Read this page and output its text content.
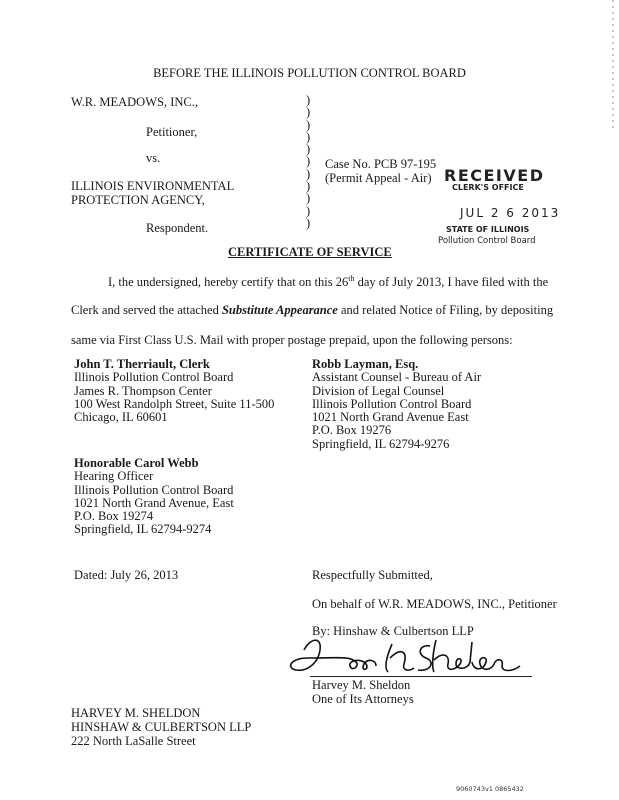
BEFORE THE ILLINOIS POLLUTION CONTROL BOARD
W.R. MEADOWS, INC.,
Petitioner,
vs.
ILLINOIS ENVIRONMENTAL
PROTECTION AGENCY,
Respondent.
)
)
)
)
)
)
)
)
)
)
)
Case No. PCB 97-195
(Permit Appeal - Air) RECEIVED
CLERK'S OFFICE
JUL 2 6 2013
STATE OF ILLINOIS
Pollution Control Board
CERTIFICATE OF SERVICE
I, the undersigned, hereby certify that on this 26th day of July 2013, I have filed with the
Clerk and served the attached Substitute Appearance and related Notice of Filing, by depositing
same via First Class U.S. Mail with proper postage prepaid, upon the following persons:
John T. Therriault, Clerk
Illinois Pollution Control Board
James R. Thompson Center
100 West Randolph Street, Suite 11-500
Chicago, IL 60601
Robb Layman, Esq.
Assistant Counsel - Bureau of Air
Division of Legal Counsel
Illinois Pollution Control Board
1021 North Grand Avenue East
P.O. Box 19276
Springfield, IL 62794-9276
Honorable Carol Webb
Hearing Officer
Illinois Pollution Control Board
1021 North Grand Avenue, East
P.O. Box 19274
Springfield, IL 62794-9274
Dated: July 26, 2013	Respectfully Submitted,
On behalf of W.R. MEADOWS, INC., Petitioner
By: Hinshaw & Culbertson LLP
Harvey M. Sheldon
One of Its Attorneys
HARVEY M. SHELDON
HINSHAW & CULBERTSON LLP
222 North LaSalle Street
9060743v1 0865432
